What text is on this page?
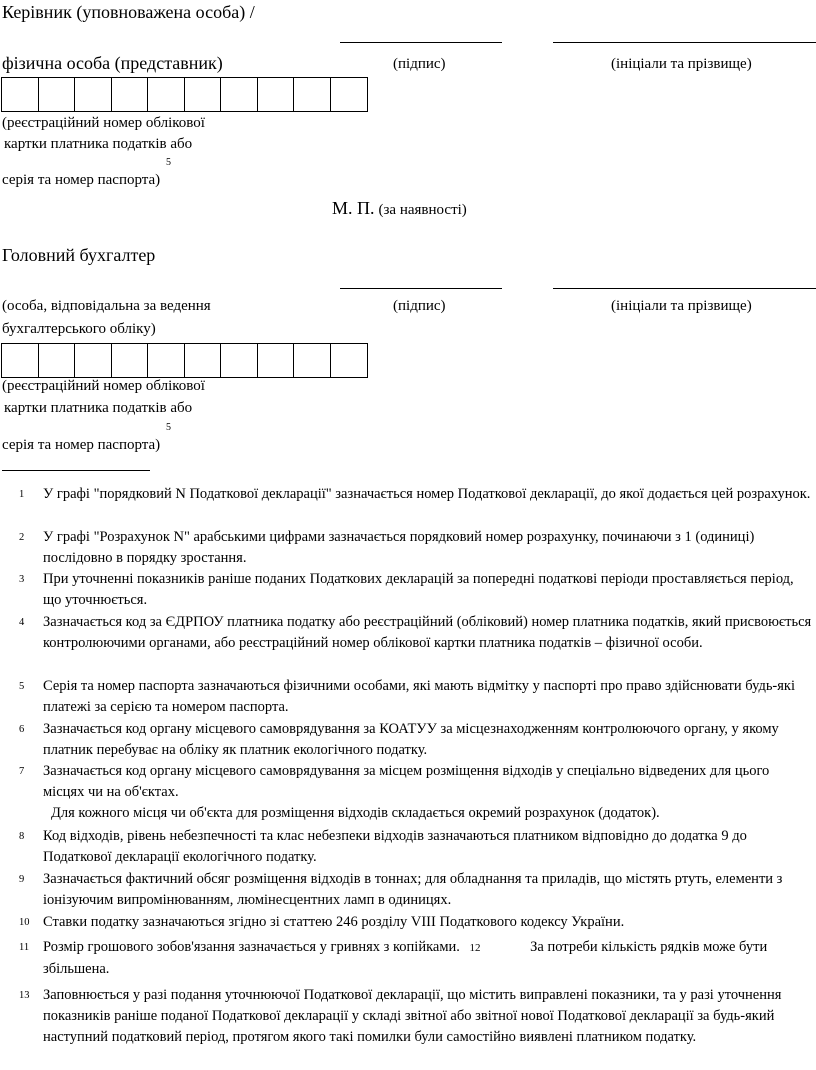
Керівник (уповноважена особа) /
фізична особа (представник)	(підпис)	(ініціали та прізвище)
(реєстраційний номер облікової
картки платника податків або
5
серія та номер паспорта)
М. П. (за наявності)
Головний бухгалтер
(особа, відповідальна за ведення	(підпис)	(ініціали та прізвище)
бухгалтерського обліку)
(реєстраційний номер облікової
картки платника податків або
5
серія та номер паспорта)
1 У графі "порядковий N Податкової декларації" зазначається номер Податкової декларації, до якої додається цей розрахунок.
2 У графі "Розрахунок N" арабськими цифрами зазначається порядковий номер розрахунку, починаючи з 1 (одиниці) послідовно в порядку зростання.
3 При уточненні показників раніше поданих Податкових декларацій за попередні податкові періоди проставляється період, що уточнюється.
4 Зазначається код за ЄДРПОУ платника податку або реєстраційний (обліковий) номер платника податків, який присвоюється контролюючими органами, або реєстраційний номер облікової картки платника податків – фізичної особи.
5 Серія та номер паспорта зазначаються фізичними особами, які мають відмітку у паспорті про право здійснювати будь-які платежі за серією та номером паспорта.
6 Зазначається код органу місцевого самоврядування за КОАТУУ за місцезнаходженням контролюючого органу, у якому платник перебуває на обліку як платник екологічного податку.
7 Зазначається код органу місцевого самоврядування за місцем розміщення відходів у спеціально відведених для цього місцях чи на об'єктах.
Для кожного місця чи об'єкта для розміщення відходів складається окремий розрахунок (додаток).
8 Код відходів, рівень небезпечності та клас небезпеки відходів зазначаються платником відповідно до додатка 9 до Податкової декларації екологічного податку.
9 Зазначається фактичний обсяг розміщення відходів в тоннах; для обладнання та приладів, що містять ртуть, елементи з іонізуючим випромінюванням, люмінесцентних ламп в одиницях.
10 Ставки податку зазначаються згідно зі статтею 246 розділу VIII Податкового кодексу України.
11 Розмір грошового зобов'язання зазначається у гривнях з копійками. 12	За потреби кількість рядків може бути збільшена.
13 Заповнюється у разі подання уточнюючої Податкової декларації, що містить виправлені показники, та у разі уточнення показників раніше поданої Податкової декларації у складі звітної або звітної нової Податкової декларації за будь-який наступний податковий період, протягом якого такі помилки були самостійно виявлені платником податку.
